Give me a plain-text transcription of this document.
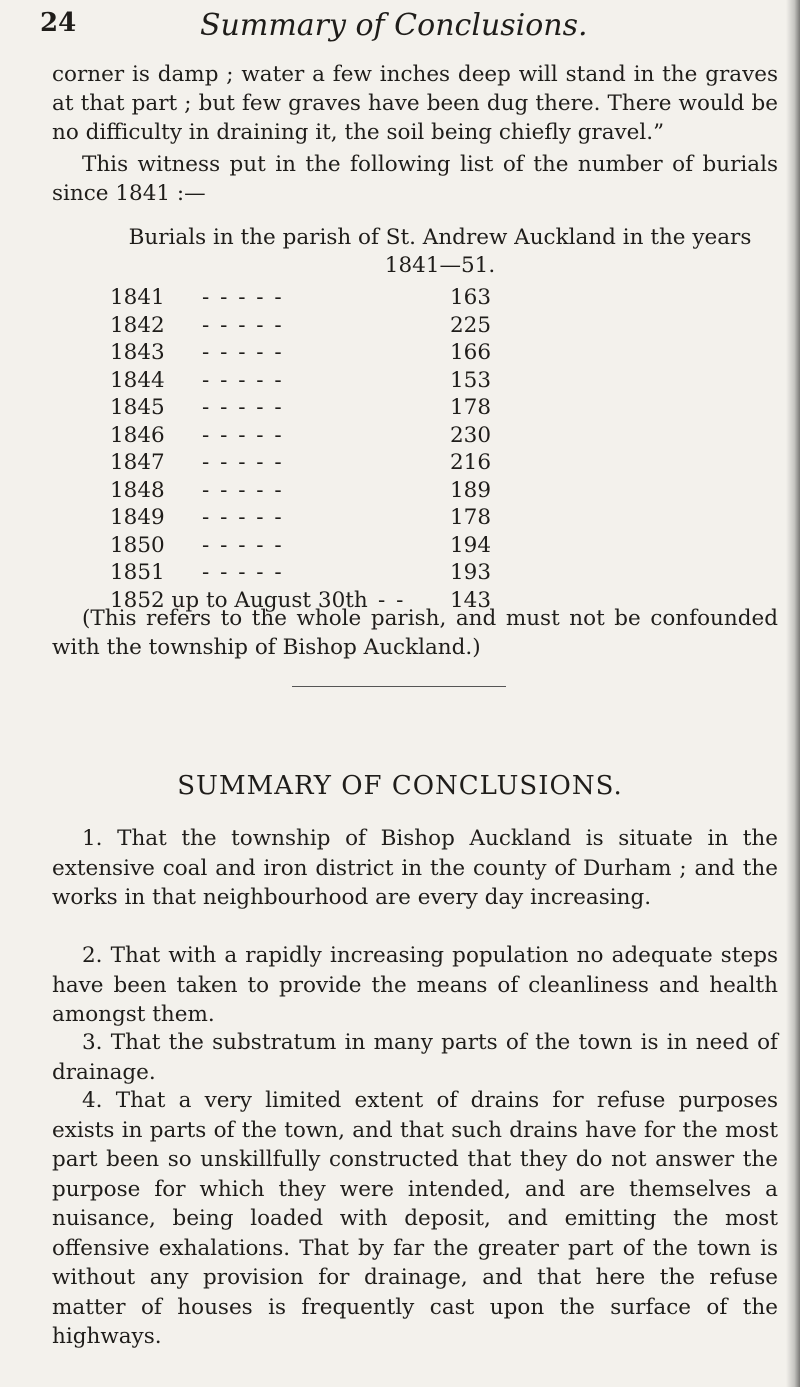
24	Summary of Conclusions.

corner is damp ; water a few inches deep will stand in the graves at that part ; but few graves have been dug there. There would be no difficulty in draining it, the soil being chiefly gravel.”

This witness put in the following list of the number of burials since 1841 :—

Burials in the parish of St. Andrew Auckland in the years 1841—51.
1841 - - - - -	163
1842 - - - - -	225
1843 - - - - -	166
1844 - - - - -	153
1845 - - - - -	178
1846 - - - - -	230
1847 - - - - -	216
1848 - - - - -	189
1849 - - - - -	178
1850 - - - - -	194
1851 - - - - -	193
1852 up to August 30th - - 143

(This refers to the whole parish, and must not be confounded with the township of Bishop Auckland.)

SUMMARY OF CONCLUSIONS.

1. That the township of Bishop Auckland is situate in the extensive coal and iron district in the county of Durham ; and the works in that neighbourhood are every day increasing.

2. That with a rapidly increasing population no adequate steps have been taken to provide the means of cleanliness and health amongst them.

3. That the substratum in many parts of the town is in need of drainage.

4. That a very limited extent of drains for refuse purposes exists in parts of the town, and that such drains have for the most part been so unskillfully constructed that they do not answer the purpose for which they were intended, and are themselves a nuisance, being loaded with deposit, and emitting the most offensive exhalations. That by far the greater part of the town is without any provision for drainage, and that here the refuse matter of houses is frequently cast upon the surface of the highways.
